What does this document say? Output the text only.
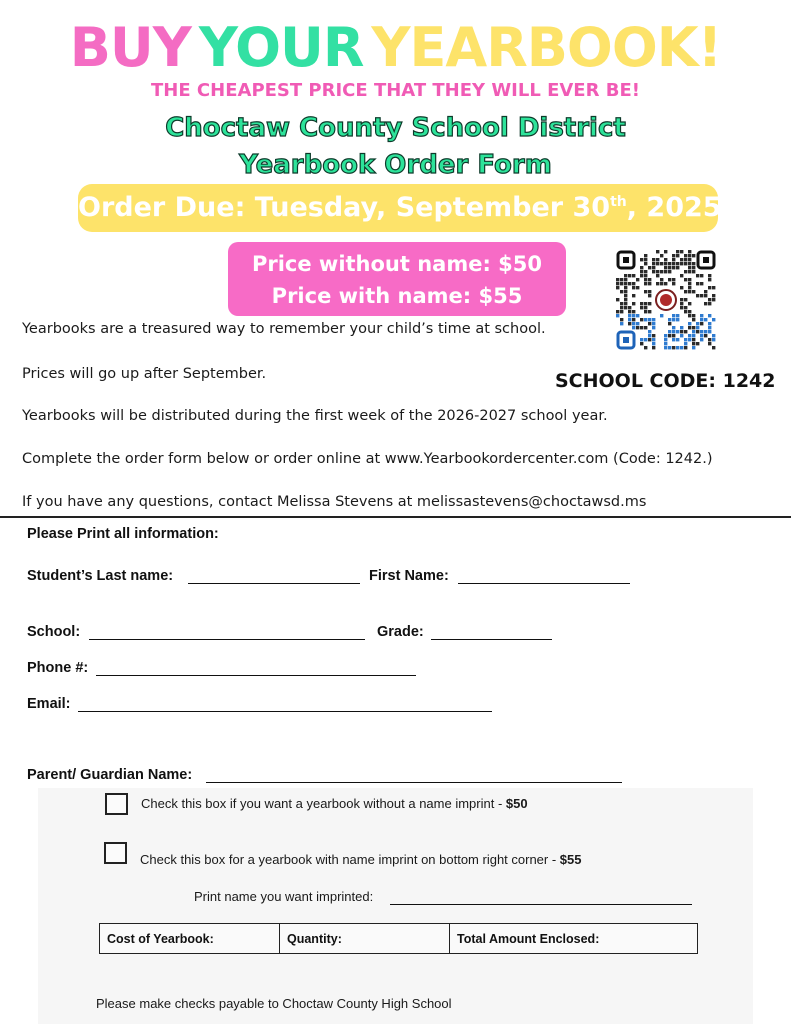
BUY YOUR YEARBOOK!
THE CHEAPEST PRICE THAT THEY WILL EVER BE!
Choctaw County School District
Yearbook Order Form
Order Due: Tuesday, September 30th, 2025
Price without name: $50
Price with name: $55
SCHOOL CODE: 1242
Yearbooks are a treasured way to remember your child’s time at school.
Prices will go up after September.
Yearbooks will be distributed during the first week of the 2026-2027 school year.
Complete the order form below or order online at www.Yearbookordercenter.com (Code: 1242.)
If you have any questions, contact Melissa Stevens at melissastevens@choctawsd.ms
Please Print all information:
Student’s Last name:	First Name:
School:	Grade:
Phone #:
Email:
Parent/ Guardian Name:
Check this box if you want a yearbook without a name imprint - $50
Check this box for a yearbook with name imprint on bottom right corner - $55
Print name you want imprinted:
Cost of Yearbook:	Quantity:	Total Amount Enclosed:
Please make checks payable to Choctaw County High School
